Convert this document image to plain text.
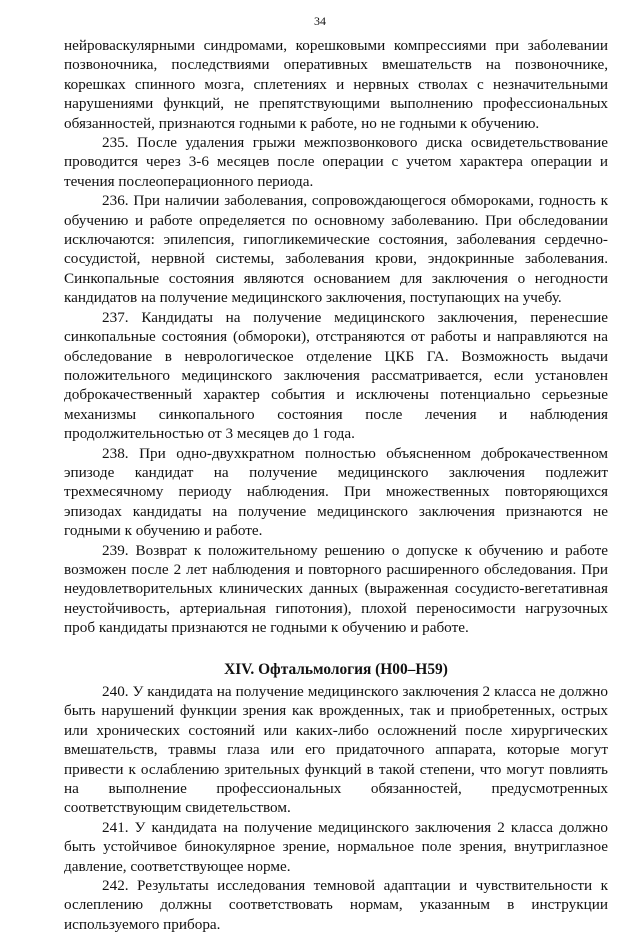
34

нейроваскулярными синдромами, корешковыми компрессиями при заболевании позвоночника, последствиями оперативных вмешательств на позвоночнике, корешках спинного мозга, сплетениях и нервных стволах с незначительными нарушениями функций, не препятствующими выполнению профессиональных обязанностей, признаются годными к работе, но не годными к обучению.

235. После удаления грыжи межпозвонкового диска освидетельствование проводится через 3-6 месяцев после операции с учетом характера операции и течения послеоперационного периода.

236. При наличии заболевания, сопровождающегося обмороками, годность к обучению и работе определяется по основному заболеванию. При обследовании исключаются: эпилепсия, гипогликемические состояния, заболевания сердечно-сосудистой, нервной системы, заболевания крови, эндокринные заболевания. Синкопальные состояния являются основанием для заключения о негодности кандидатов на получение медицинского заключения, поступающих на учебу.

237. Кандидаты на получение медицинского заключения, перенесшие синкопальные состояния (обмороки), отстраняются от работы и направляются на обследование в неврологическое отделение ЦКБ ГА. Возможность выдачи положительного медицинского заключения рассматривается, если установлен доброкачественный характер события и исключены потенциально серьезные механизмы синкопального состояния после лечения и наблюдения продолжительностью от 3 месяцев до 1 года.

238. При одно-двухкратном полностью объясненном доброкачественном эпизоде кандидат на получение медицинского заключения подлежит трехмесячному периоду наблюдения. При множественных повторяющихся эпизодах кандидаты на получение медицинского заключения признаются не годными к обучению и работе.

239. Возврат к положительному решению о допуске к обучению и работе возможен после 2 лет наблюдения и повторного расширенного обследования. При неудовлетворительных клинических данных (выраженная сосудисто-вегетативная неустойчивость, артериальная гипотония), плохой переносимости нагрузочных проб кандидаты признаются не годными к обучению и работе.

XIV. Офтальмология (H00–H59)

240. У кандидата на получение медицинского заключения 2 класса не должно быть нарушений функции зрения как врожденных, так и приобретенных, острых или хронических состояний или каких-либо осложнений после хирургических вмешательств, травмы глаза или его придаточного аппарата, которые могут привести к ослаблению зрительных функций в такой степени, что могут повлиять на выполнение профессиональных обязанностей, предусмотренных соответствующим свидетельством.

241. У кандидата на получение медицинского заключения 2 класса должно быть устойчивое бинокулярное зрение, нормальное поле зрения, внутриглазное давление, соответствующее норме.

242. Результаты исследования темновой адаптации и чувствительности к ослеплению должны соответствовать нормам, указанным в инструкции используемого прибора.
